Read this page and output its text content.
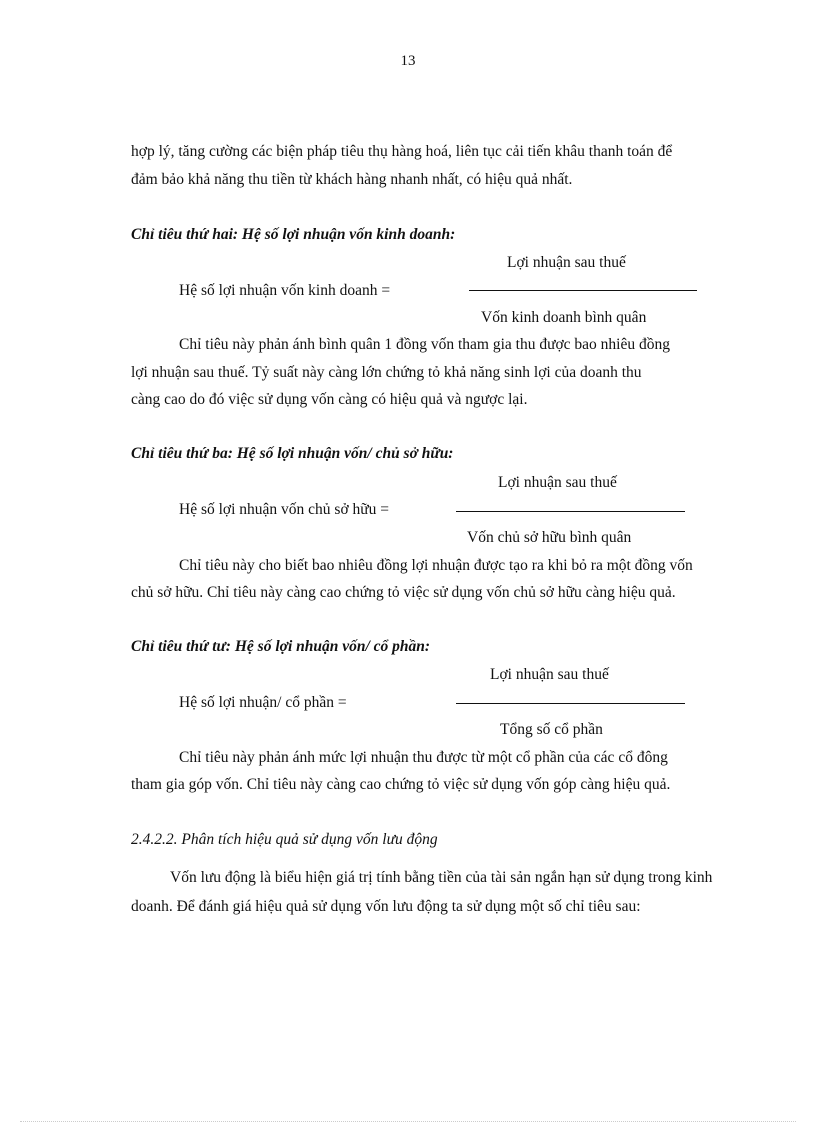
13
hợp lý, tăng cường các biện pháp tiêu thụ hàng hoá, liên tục cải tiến khâu thanh toán để
đảm bảo khả năng thu tiền từ khách hàng nhanh nhất, có hiệu quả nhất.
Chỉ tiêu thứ hai: Hệ số lợi nhuận vốn kinh doanh:
Lợi nhuận sau thuế
Hệ số lợi nhuận vốn kinh doanh =
Vốn kinh doanh bình quân
Chỉ tiêu này phản ánh bình quân 1 đồng vốn tham gia thu được bao nhiêu đồng
lợi nhuận sau thuế. Tỷ suất này càng lớn chứng tỏ khả năng sinh lợi của doanh thu
càng cao do đó việc sử dụng vốn càng có hiệu quả và ngược lại.
Chỉ tiêu thứ ba: Hệ số lợi nhuận vốn/ chủ sở hữu:
Lợi nhuận sau thuế
Hệ số lợi nhuận vốn chủ sở hữu =
Vốn chủ sở hữu bình quân
Chỉ tiêu này cho biết bao nhiêu đồng lợi nhuận được tạo ra khi bỏ ra một đồng vốn
chủ sở hữu. Chỉ tiêu này càng cao chứng tỏ việc sử dụng vốn chủ sở hữu càng hiệu quả.
Chỉ tiêu thứ tư: Hệ số lợi nhuận vốn/ cổ phần:
Lợi nhuận sau thuế
Hệ số lợi nhuận/ cổ phần =
Tổng số cổ phần
Chỉ tiêu này phản ánh mức lợi nhuận thu được từ một cổ phần của các cổ đông
tham gia góp vốn. Chỉ tiêu này càng cao chứng tỏ việc sử dụng vốn góp càng hiệu quả.
2.4.2.2. Phân tích hiệu quả sử dụng vốn lưu động
Vốn lưu động là biểu hiện giá trị tính bằng tiền của tài sản ngắn hạn sử dụng trong kinh
doanh. Để đánh giá hiệu quả sử dụng vốn lưu động ta sử dụng một số chỉ tiêu sau:
